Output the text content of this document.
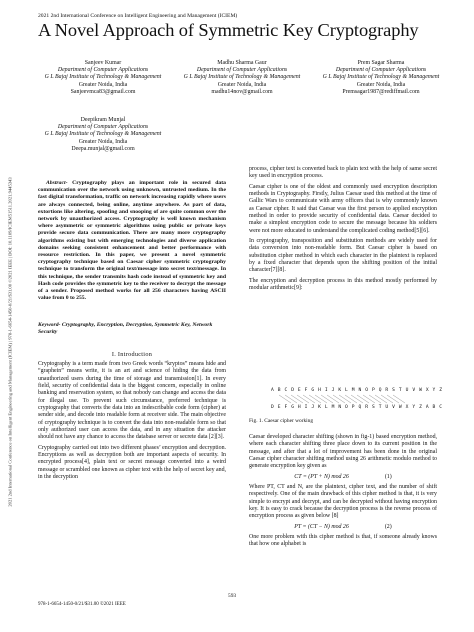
2021 2nd International Conference on Intelligent Engineering and Management (ICIEM)
A Novel Approach of Symmetric Key Cryptography
2021 2nd International Conference on Intelligent Engineering and Management (ICIEM) | 978-1-6654-1450-0/21/$31.00 ©2021 IEEE | DOI: 10.1109/ICIEM51511.2021.9445343
Sanjeev Kumar
Department of Computer Applications
G L Bajaj Institute of Technology & Management
Greater Noida, India
Sanjeevmca83@gmail.com
Madhu Sharma Gaur
Department of Computer Applications
G L Bajaj Institute of Technology & Management
Greater Noida, India
madhu14nov@gmail.com
Prem Sagar Sharma
Department of Computer Applications
G L Bajaj Institute of Technology & Management
Greater Noida, India
Premsagar1987@rediffmail.com
Deepikram Munjal
Department of Computer Applications
G L Bajaj Institute of Technology & Management
Greater Noida, India
Deepa.munjal@gmail.com

Abstract- Cryptography plays an important role in secured data communication over the network using unknown, untrusted medium. In the fast digital transformation, traffic on network increasing rapidly where users are always connected, being online, anytime anywhere. As part of data, extortions like altering, spoofing and snooping of are quite common over the network by unauthorized access. Cryptography is well known mechanism where asymmetric or symmetric algorithms using public or private keys provide secure data communication. There are many more cryptography algorithms existing but with emerging technologies and diverse application domains seeking consistent enhancement and better performance with resource restriction. In this paper, we present a novel symmetric cryptography technique based on Caesar cipher symmetric cryptography technique to transform the original text/message into secret text/message. In this technique, the sender transmits hash code instead of symmetric key and Hash code provides the symmetric key to the receiver to decrypt the message of a sender. Proposed method works for all 256 characters having ASCII value from 0 to 255.

Keyword- Cryptography, Encryption, Decryption, Symmetric Key, Network Security
I. Introduction

Cryptography is a term made from two Greek words “kryptos” means hide and “graphein” means write, it is an art and science of hiding the data from unauthorized users during the time of storage and transmission[1]. In every field, security of confidential data is the biggest concern, especially in online banking and reservation system, so that nobody can change and access the data for illegal use. To prevent such circumstance, preferred technique is cryptography that converts the data into an indescribable code form (cipher) at sender side, and decode into readable form at receiver side. The main objective of cryptography technique is to convert the data into non-readable form so that only authorized user can access the data, and in any situation the attacker should not have any chance to access the database server or secrete data [2][3].

Cryptography carried out into two different phases’ encryption and decryption. Encryptions as well as decryption both are important aspects of security. In encrypted process[4], plain text or secret message converted into a weird message or scrambled one known as cipher text with the help of secret key and, in the decryption

process, cipher text is converted back to plain text with the help of same secret key used in encryption process.

Caesar cipher is one of the oldest and commonly used encryption description methods in Cryptography. Firstly, Julius Caesar used this method at the time of Gallic Wars to communicate with army officers that is why commonly known as Caesar cipher. It said that Caesar was the first person to applied encryption method in order to provide security of confidential data. Caesar decided to make a simplest encryption code to secure the message because his soldiers were not more educated to understand the complicated coding method[5][6].

In cryptography, transposition and substitution methods are widely used for data conversion into non-readable form. But Caesar cipher is based on substitution cipher method in which each character in the plaintext is replaced by a fixed character that depends upon the shifting position of the initial character[7][8].

The encryption and decryption process in this method mostly performed by modular arithmetic[9]:

A B C D E F G H I J K L M N O P Q R S T U V W X Y Z
D E F G H I J K L M N O P Q R S T U V W X Y Z A B C
Fig. 1. Caesar cipher working

Caesar developed character shifting (shown in fig-1) based encryption method, where each character shifting three place down to its current position in the message, and after that a lot of improvement has been done in the original Caesar cipher character shifting method using 26 arithmetic modulo method to generate encryption key given as

CT = (PT + N) mod 26	(1)

Where PT, CT and N, are the plaintext, cipher text, and the number of shift respectively. One of the main drawback of this cipher method is that, it is very simple to encrypt and decrypt, and can be decrypted without having encryption key. It is easy to crack because the decryption process is the reverse process of encryption process as given below [8]

PT = (CT − N) mod 26	(2)

One more problem with this cipher method is that, if someone already knows that how one alphabet is

593
978-1-6654-1450-0/21/$31.00 ©2021 IEEE
